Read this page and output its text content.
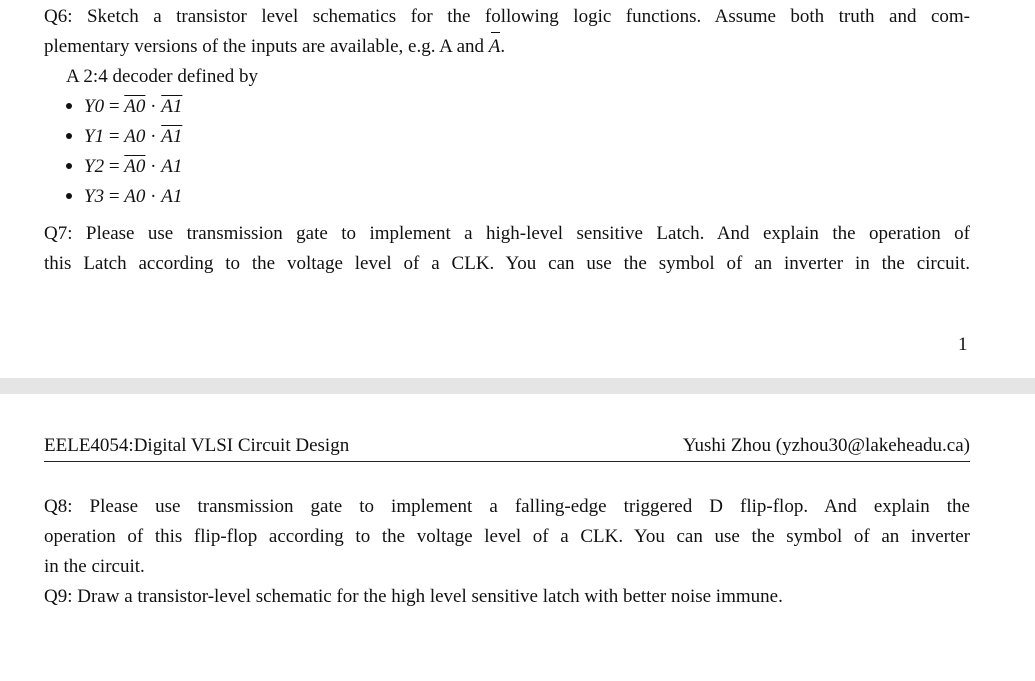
Q6: Sketch a transistor level schematics for the following logic functions. Assume both truth and com-
plementary versions of the inputs are available, e.g. A and A.
A 2:4 decoder defined by
Y0 = A0 · A1
Y1 = A0 · A1
Y2 = A0 · A1
Y3 = A0 · A1
Q7: Please use transmission gate to implement a high-level sensitive Latch. And explain the operation of
this Latch according to the voltage level of a CLK. You can use the symbol of an inverter in the circuit.
1
EELE4054:Digital VLSI Circuit Design	Yushi Zhou (yzhou30@lakeheadu.ca)
Q8: Please use transmission gate to implement a falling-edge triggered D flip-flop. And explain the
operation of this flip-flop according to the voltage level of a CLK. You can use the symbol of an inverter
in the circuit.
Q9: Draw a transistor-level schematic for the high level sensitive latch with better noise immune.
